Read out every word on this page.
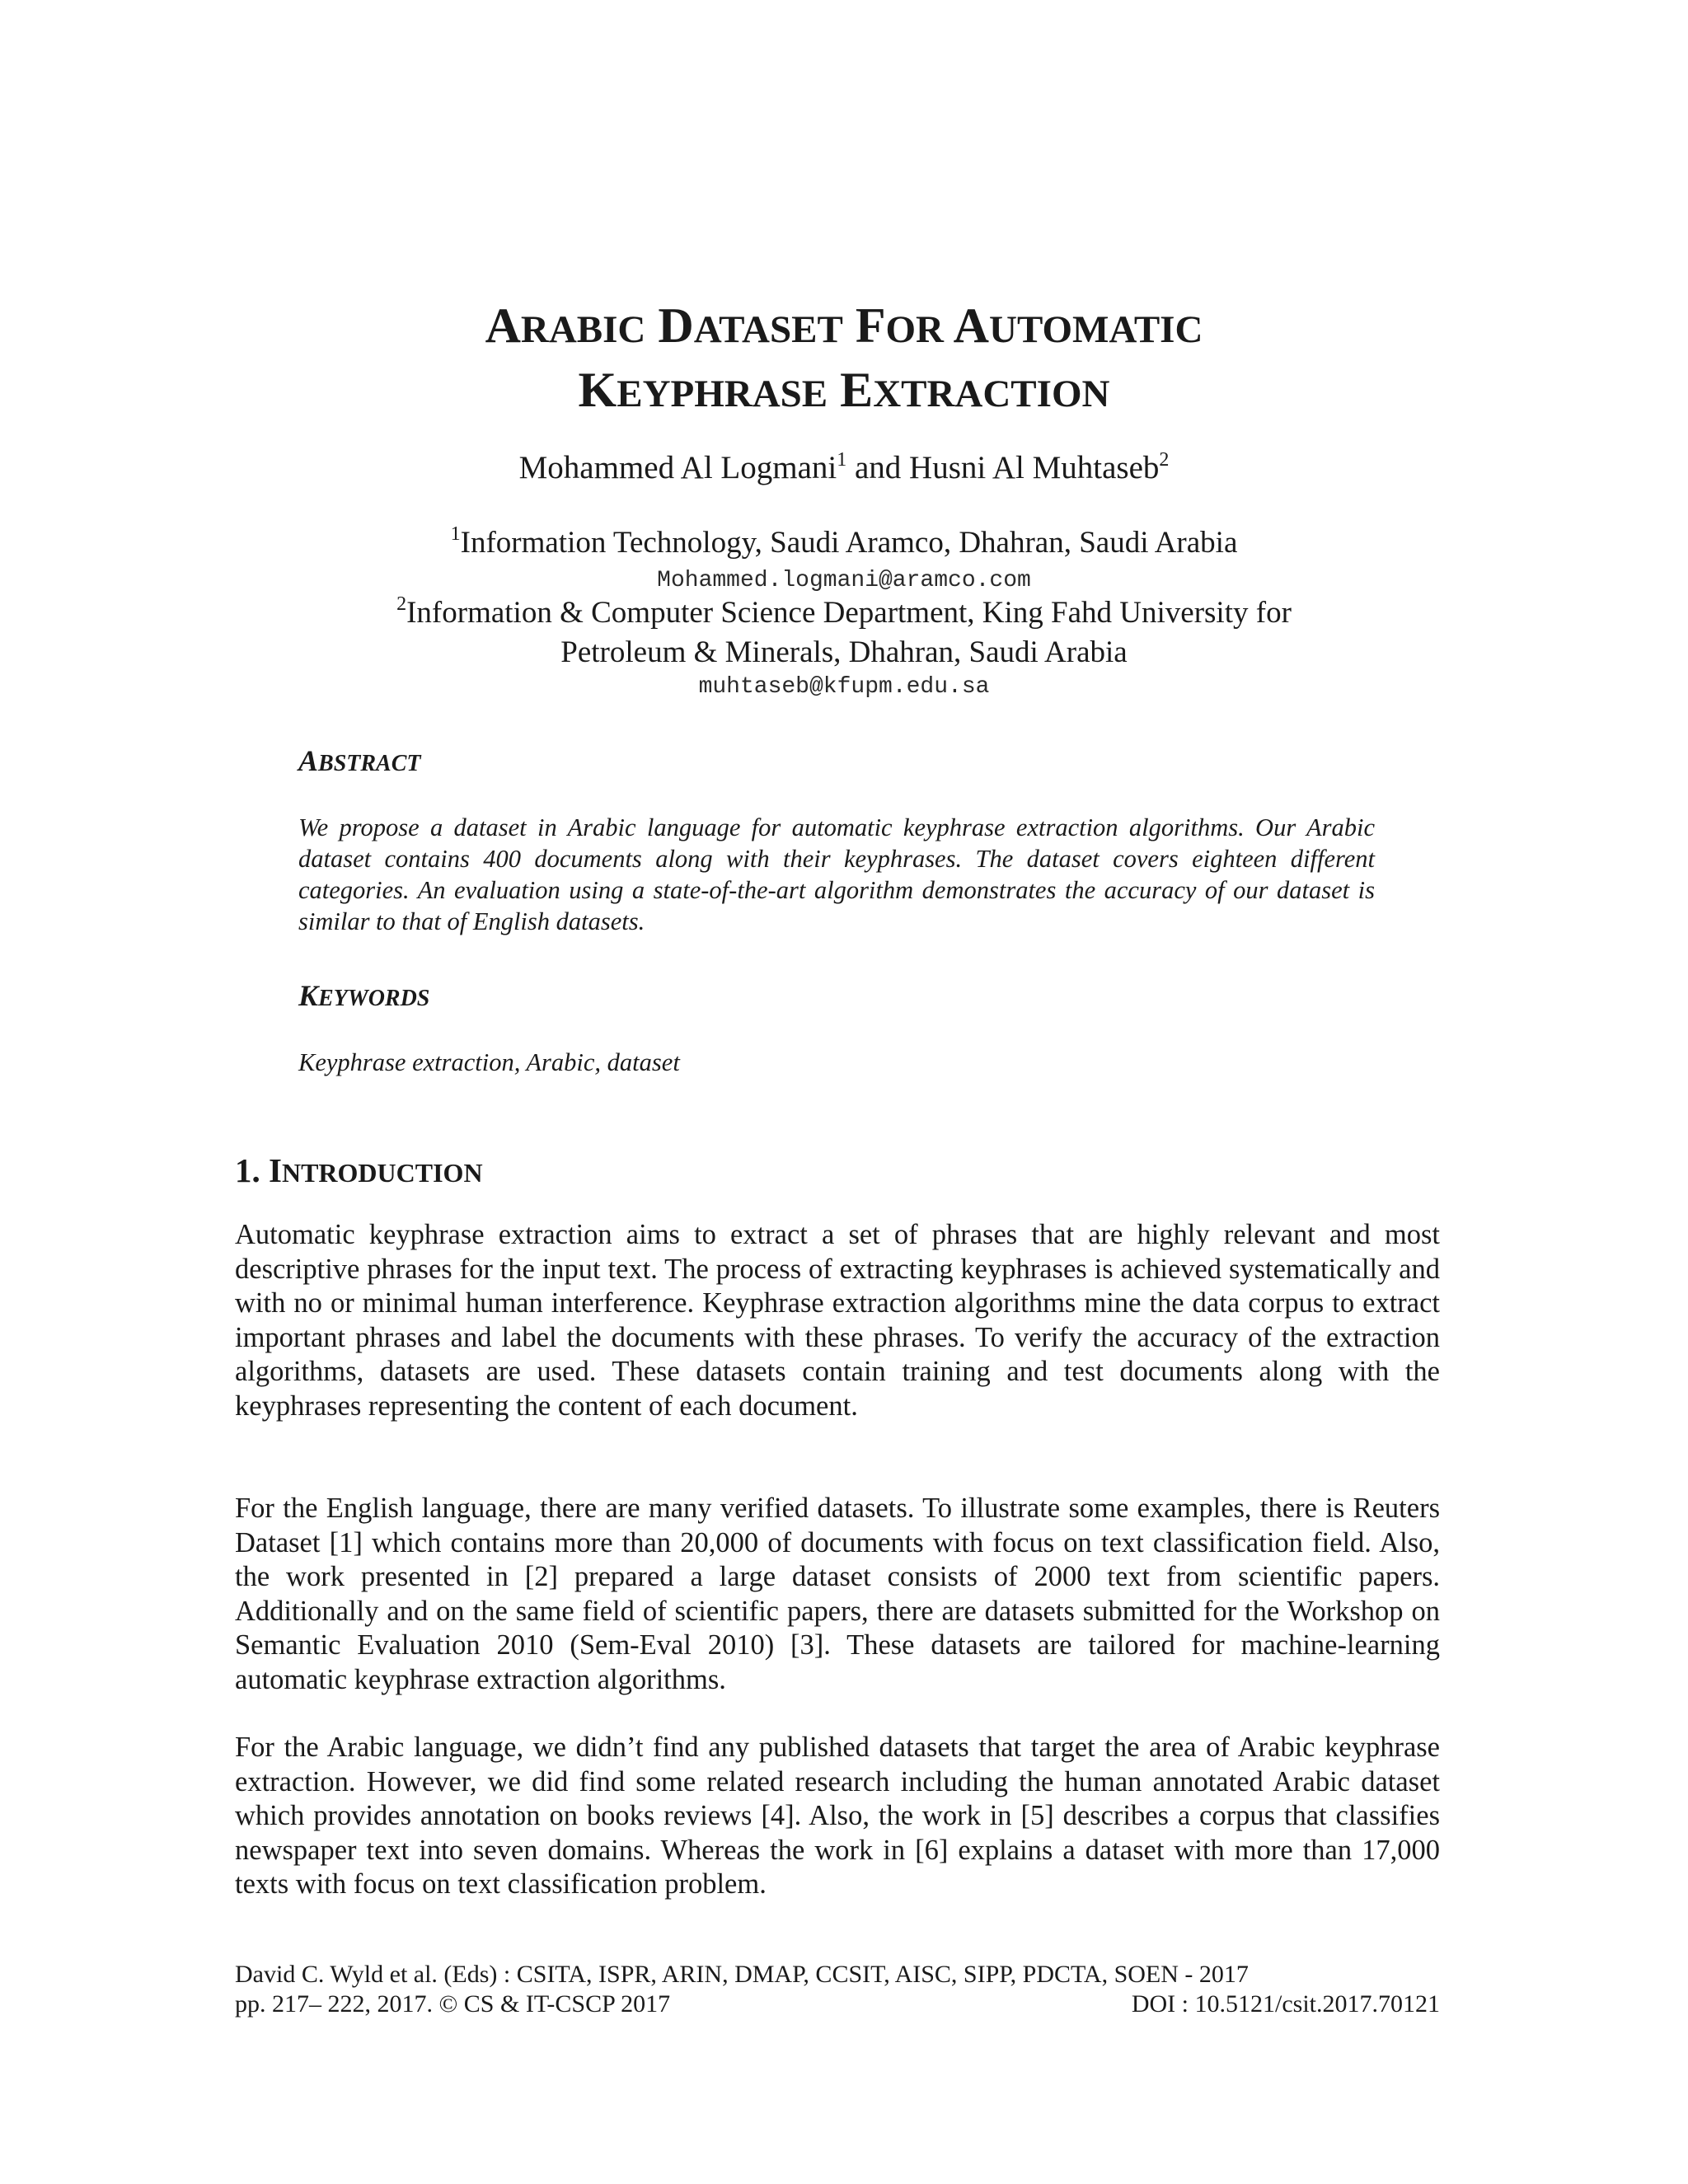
ARABIC DATASET FOR AUTOMATIC
KEYPHRASE EXTRACTION
Mohammed Al Logmani$^1$ and Husni Al Muhtaseb$^2$
$^1$Information Technology, Saudi Aramco, Dhahran, Saudi Arabia
Mohammed.logmani@aramco.com
$^2$Information & Computer Science Department, King Fahd University for
Petroleum & Minerals, Dhahran, Saudi Arabia
muhtaseb@kfupm.edu.sa
ABSTRACT
We propose a dataset in Arabic language for automatic keyphrase extraction algorithms. Our Arabic dataset contains 400 documents along with their keyphrases. The dataset covers eighteen different categories. An evaluation using a state-of-the-art algorithm demonstrates the accuracy of our dataset is similar to that of English datasets.
KEYWORDS
Keyphrase extraction, Arabic, dataset
1. INTRODUCTION

Automatic keyphrase extraction aims to extract a set of phrases that are highly relevant and most descriptive phrases for the input text. The process of extracting keyphrases is achieved systematically and with no or minimal human interference. Keyphrase extraction algorithms mine the data corpus to extract important phrases and label the documents with these phrases. To verify the accuracy of the extraction algorithms, datasets are used. These datasets contain training and test documents along with the keyphrases representing the content of each document.

For the English language, there are many verified datasets. To illustrate some examples, there is Reuters Dataset [1] which contains more than 20,000 of documents with focus on text classification field. Also, the work presented in [2] prepared a large dataset consists of 2000 text from scientific papers. Additionally and on the same field of scientific papers, there are datasets submitted for the Workshop on Semantic Evaluation 2010 (Sem-Eval 2010) [3]. These datasets are tailored for machine-learning automatic keyphrase extraction algorithms.

For the Arabic language, we didn’t find any published datasets that target the area of Arabic keyphrase extraction. However, we did find some related research including the human annotated Arabic dataset which provides annotation on books reviews [4]. Also, the work in [5] describes a corpus that classifies newspaper text into seven domains. Whereas the work in [6] explains a dataset with more than 17,000 texts with focus on text classification problem.

David C. Wyld et al. (Eds) : CSITA, ISPR, ARIN, DMAP, CCSIT, AISC, SIPP, PDCTA, SOEN - 2017
pp. 217– 222, 2017. © CS & IT-CSCP 2017	DOI : 10.5121/csit.2017.70121
